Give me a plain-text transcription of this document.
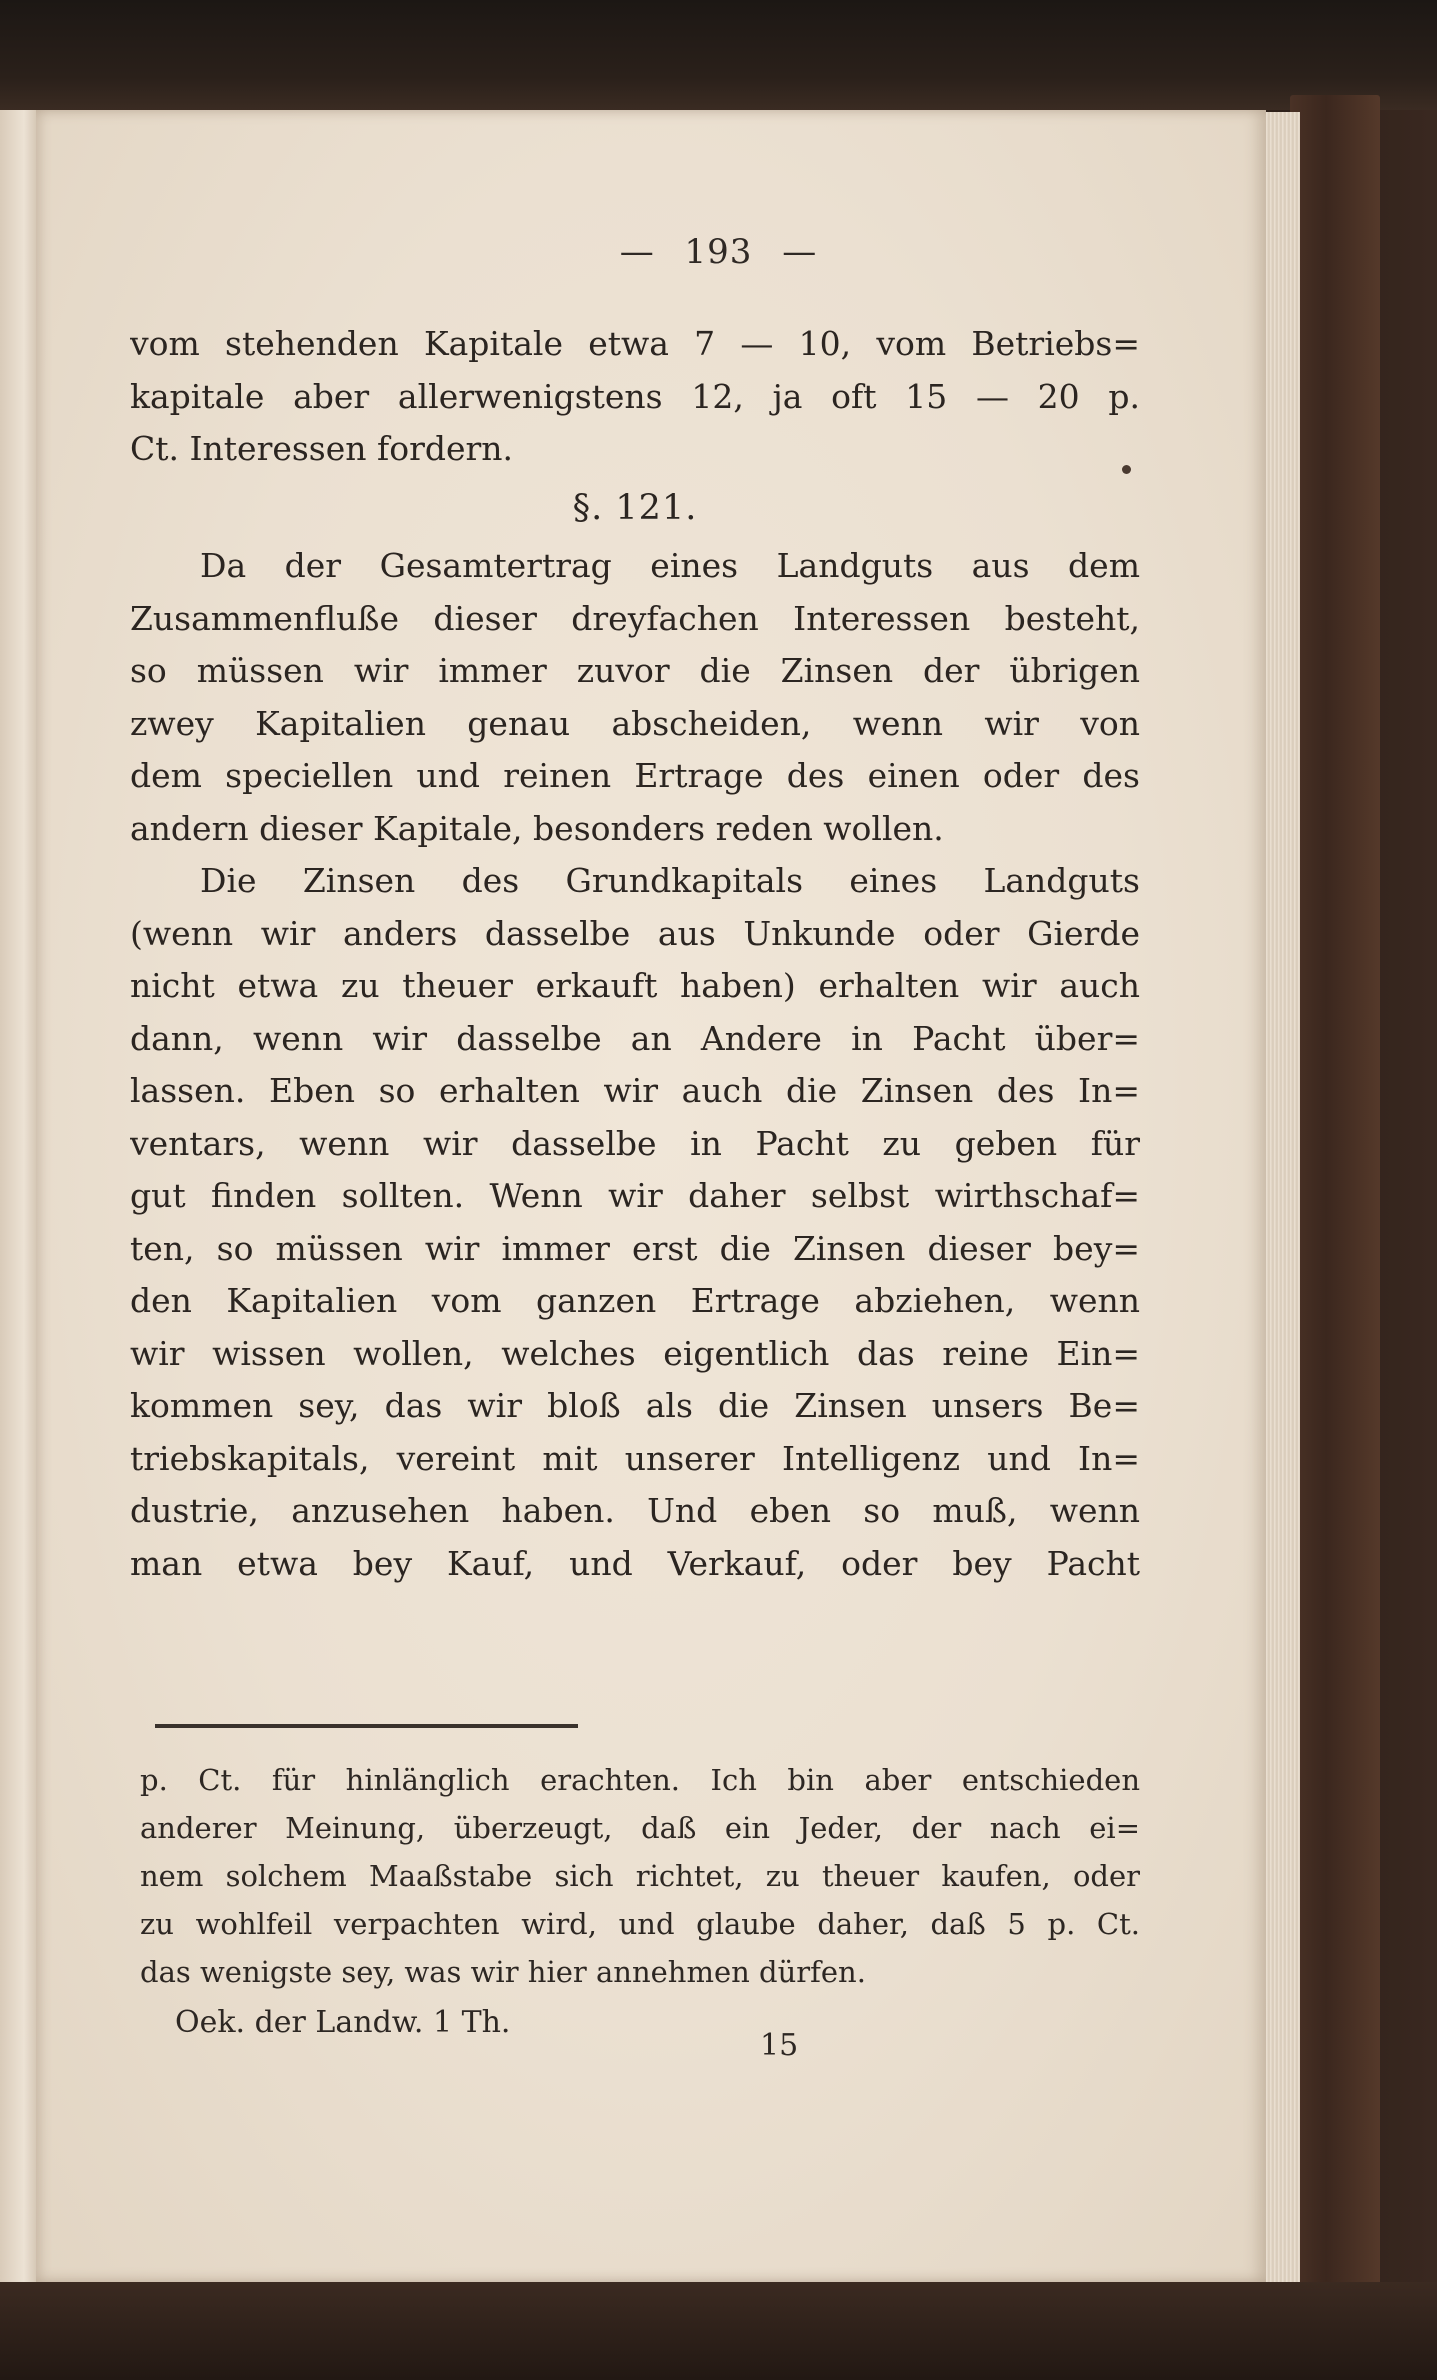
— 193 —
vom stehenden Kapitale etwa 7 — 10, vom Betriebs=
kapitale aber allerwenigstens 12, ja oft 15 — 20 p.
Ct. Interessen fordern.
§. 121.
Da der Gesamtertrag eines Landguts aus dem
Zusammenfluße dieser dreyfachen Interessen besteht,
so müssen wir immer zuvor die Zinsen der übrigen
zwey Kapitalien genau abscheiden, wenn wir von
dem speciellen und reinen Ertrage des einen oder des
andern dieser Kapitale, besonders reden wollen.
Die Zinsen des Grundkapitals eines Landguts
(wenn wir anders dasselbe aus Unkunde oder Gierde
nicht etwa zu theuer erkauft haben) erhalten wir auch
dann, wenn wir dasselbe an Andere in Pacht über=
lassen. Eben so erhalten wir auch die Zinsen des In=
ventars, wenn wir dasselbe in Pacht zu geben für
gut finden sollten. Wenn wir daher selbst wirthschaf=
ten, so müssen wir immer erst die Zinsen dieser bey=
den Kapitalien vom ganzen Ertrage abziehen, wenn
wir wissen wollen, welches eigentlich das reine Ein=
kommen sey, das wir bloß als die Zinsen unsers Be=
triebskapitals, vereint mit unserer Intelligenz und In=
dustrie, anzusehen haben. Und eben so muß, wenn
man etwa bey Kauf, und Verkauf, oder bey Pacht
p. Ct. für hinlänglich erachten. Ich bin aber entschieden
anderer Meinung, überzeugt, daß ein Jeder, der nach ei=
nem solchem Maaßstabe sich richtet, zu theuer kaufen, oder
zu wohlfeil verpachten wird, und glaube daher, daß 5 p. Ct.
das wenigste sey, was wir hier annehmen dürfen.
Oek. der Landw. 1 Th.
15
